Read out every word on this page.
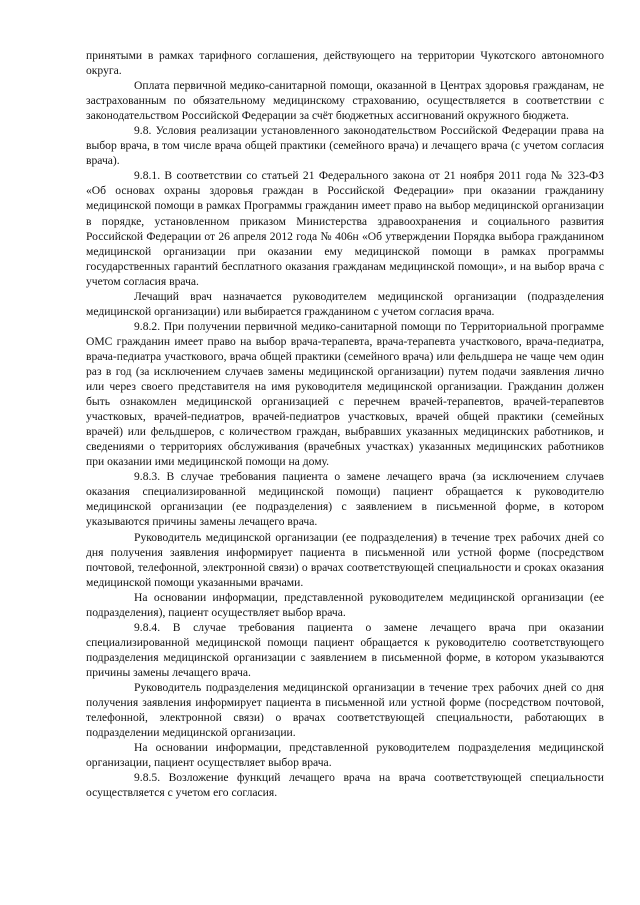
принятыми в рамках тарифного соглашения, действующего на территории Чукотского автономного округа.

Оплата первичной медико-санитарной помощи, оказанной в Центрах здоровья гражданам, не застрахованным по обязательному медицинскому страхованию, осуществляется в соответствии с законодательством Российской Федерации за счёт бюджетных ассигнований окружного бюджета.

9.8. Условия реализации установленного законодательством Российской Федерации права на выбор врача, в том числе врача общей практики (семейного врача) и лечащего врача (с учетом согласия врача).

9.8.1. В соответствии со статьей 21 Федерального закона от 21 ноября 2011 года № 323-ФЗ «Об основах охраны здоровья граждан в Российской Федерации» при оказании гражданину медицинской помощи в рамках Программы гражданин имеет право на выбор медицинской организации в порядке, установленном приказом Министерства здравоохранения и социального развития Российской Федерации от 26 апреля 2012 года № 406н «Об утверждении Порядка выбора гражданином медицинской организации при оказании ему медицинской помощи в рамках программы государственных гарантий бесплатного оказания гражданам медицинской помощи», и на выбор врача с учетом согласия врача.

Лечащий врач назначается руководителем медицинской организации (подразделения медицинской организации) или выбирается гражданином с учетом согласия врача.

9.8.2. При получении первичной медико-санитарной помощи по Территориальной программе ОМС гражданин имеет право на выбор врача-терапевта, врача-терапевта участкового, врача-педиатра, врача-педиатра участкового, врача общей практики (семейного врача) или фельдшера не чаще чем один раз в год (за исключением случаев замены медицинской организации) путем подачи заявления лично или через своего представителя на имя руководителя медицинской организации. Гражданин должен быть ознакомлен медицинской организацией с перечнем врачей-терапевтов, врачей-терапевтов участковых, врачей-педиатров, врачей-педиатров участковых, врачей общей практики (семейных врачей) или фельдшеров, с количеством граждан, выбравших указанных медицинских работников, и сведениями о территориях обслуживания (врачебных участках) указанных медицинских работников при оказании ими медицинской помощи на дому.

9.8.3. В случае требования пациента о замене лечащего врача (за исключением случаев оказания специализированной медицинской помощи) пациент обращается к руководителю медицинской организации (ее подразделения) с заявлением в письменной форме, в котором указываются причины замены лечащего врача.

Руководитель медицинской организации (ее подразделения) в течение трех рабочих дней со дня получения заявления информирует пациента в письменной или устной форме (посредством почтовой, телефонной, электронной связи) о врачах соответствующей специальности и сроках оказания медицинской помощи указанными врачами.

На основании информации, представленной руководителем медицинской организации (ее подразделения), пациент осуществляет выбор врача.

9.8.4. В случае требования пациента о замене лечащего врача при оказании специализированной медицинской помощи пациент обращается к руководителю соответствующего подразделения медицинской организации с заявлением в письменной форме, в котором указываются причины замены лечащего врача.

Руководитель подразделения медицинской организации в течение трех рабочих дней со дня получения заявления информирует пациента в письменной или устной форме (посредством почтовой, телефонной, электронной связи) о врачах соответствующей специальности, работающих в подразделении медицинской организации.

На основании информации, представленной руководителем подразделения медицинской организации, пациент осуществляет выбор врача.

9.8.5. Возложение функций лечащего врача на врача соответствующей специальности осуществляется с учетом его согласия.
